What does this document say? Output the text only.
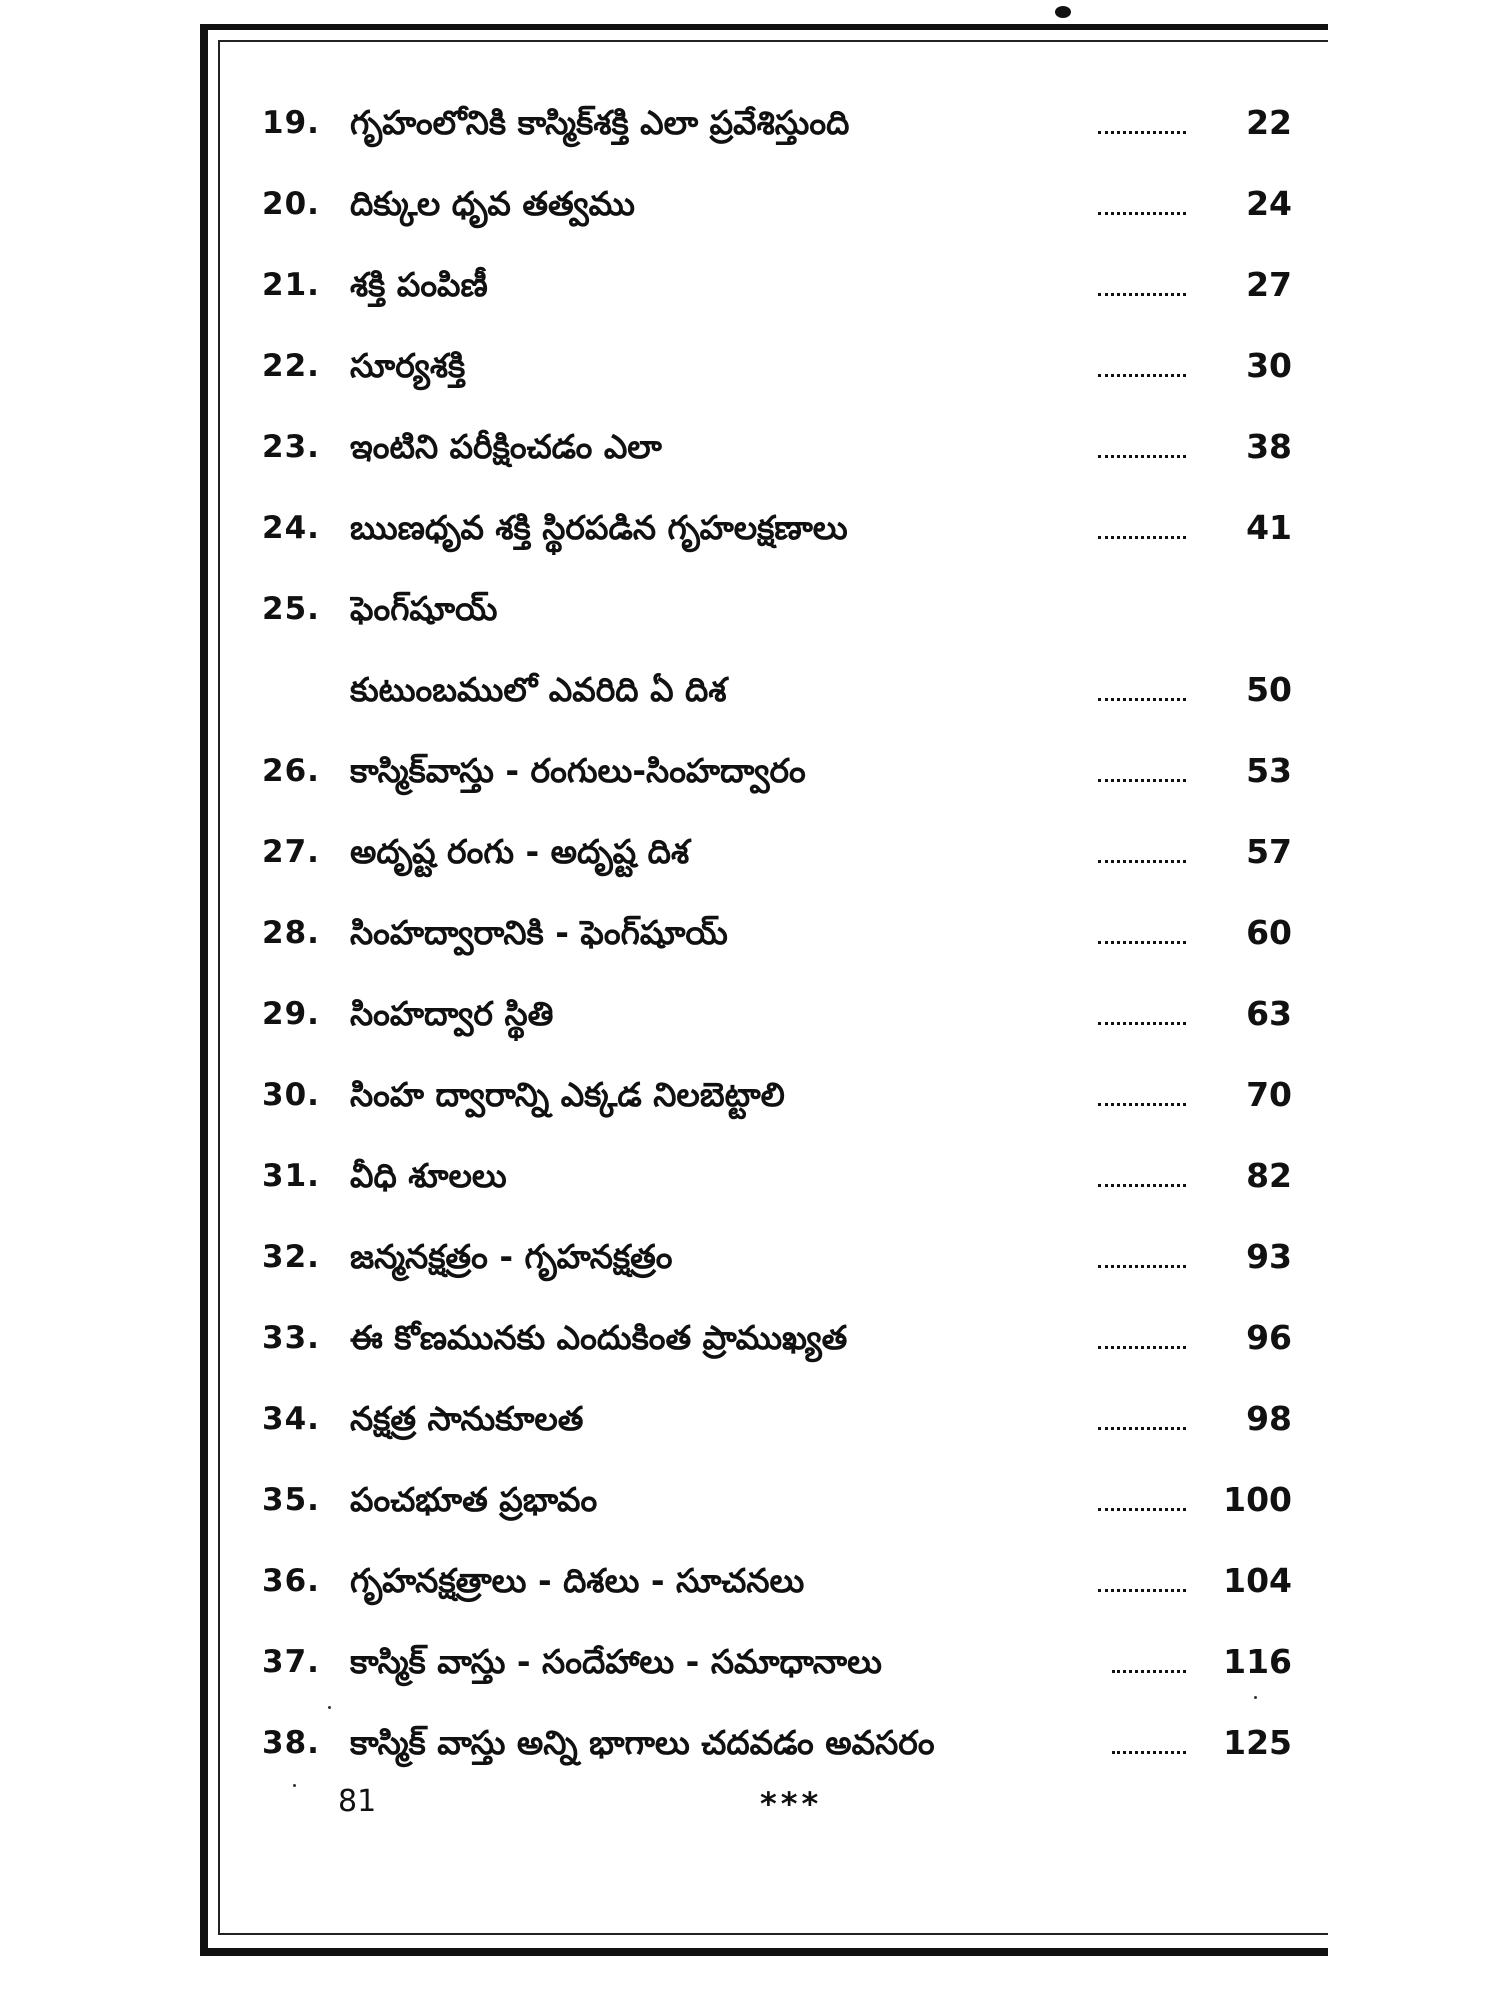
19. గృహంలోనికి కాస్మిక్‌శక్తి ఎలా ప్రవేశిస్తుంది	22
20. దిక్కుల ధృవ తత్వము	24
21. శక్తి పంపిణీ	27
22. సూర్యశక్తి	30
23. ఇంటిని పరీక్షించడం ఎలా	38
24. ఋణధృవ శక్తి స్థిరపడిన గృహలక్షణాలు	41
25. ఫెంగ్‌షూయ్
కుటుంబములో ఎవరిది ఏ దిశ	50
26. కాస్మిక్‌వాస్తు - రంగులు-సింహద్వారం	53
27. అదృష్ట రంగు - అదృష్ట దిశ	57
28. సింహద్వారానికి - ఫెంగ్‌షూయ్	60
29. సింహద్వార స్థితి	63
30. సింహ ద్వారాన్ని ఎక్కడ నిలబెట్టాలి	70
31. వీధి శూలలు	82
32. జన్మనక్షత్రం - గృహనక్షత్రం	93
33. ఈ కోణమునకు ఎందుకింత ప్రాముఖ్యత	96
34. నక్షత్ర సానుకూలత	98
35. పంచభూత ప్రభావం	100
36. గృహనక్షత్రాలు - దిశలు - సూచనలు	104
37. కాస్మిక్ వాస్తు - సందేహాలు - సమాధానాలు	116
38. కాస్మిక్ వాస్తు అన్ని భాగాలు చదవడం అవసరం	125
81	***
